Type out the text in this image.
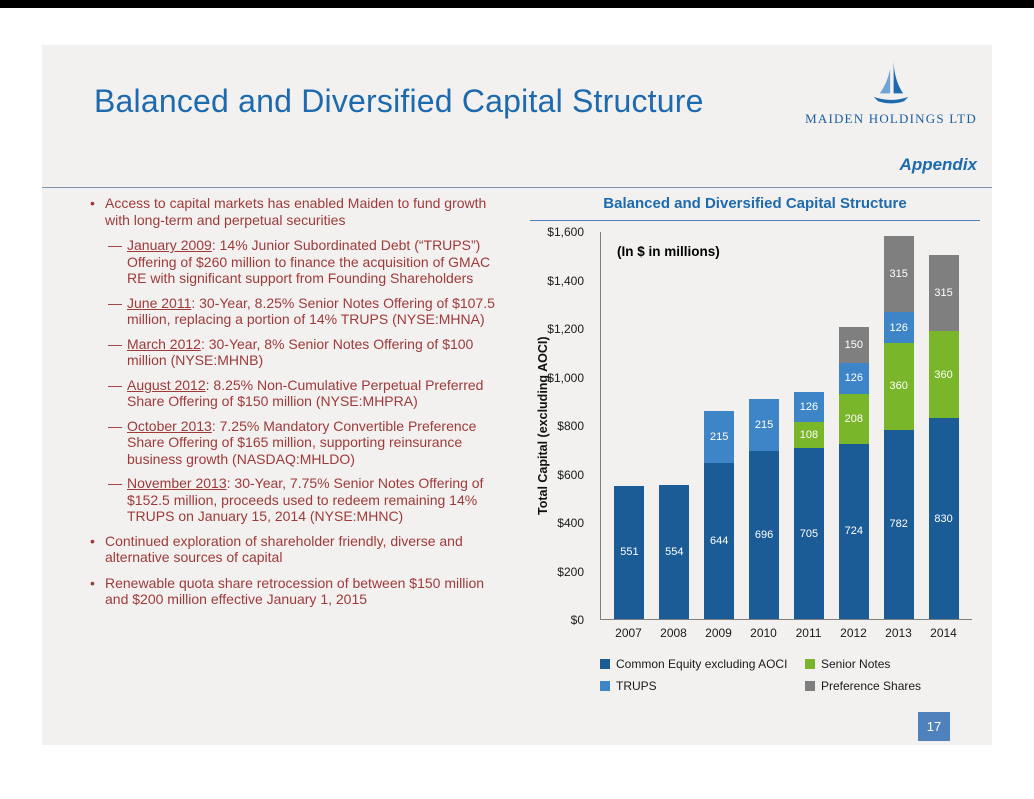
Balanced and Diversified Capital Structure	MAIDEN HOLDINGS LTD
Appendix
• Access to capital markets has enabled Maiden to fund growth with long-term and perpetual securities
— January 2009: 14% Junior Subordinated Debt (“TRUPS”) Offering of $260 million to finance the acquisition of GMAC RE with significant support from Founding Shareholders
— June 2011: 30-Year, 8.25% Senior Notes Offering of $107.5 million, replacing a portion of 14% TRUPS (NYSE:MHNA)
— March 2012: 30-Year, 8% Senior Notes Offering of $100 million (NYSE:MHNB)
— August 2012: 8.25% Non-Cumulative Perpetual Preferred Share Offering of $150 million (NYSE:MHPRA)
— October 2013: 7.25% Mandatory Convertible Preference Share Offering of $165 million, supporting reinsurance business growth (NASDAQ:MHLDO)
— November 2013: 30-Year, 7.75% Senior Notes Offering of $152.5 million, proceeds used to redeem remaining 14% TRUPS on January 15, 2014 (NYSE:MHNC)
• Continued exploration of shareholder friendly, diverse and alternative sources of capital
• Renewable quota share retrocession of between $150 million and $200 million effective January 1, 2015
Balanced and Diversified Capital Structure
Total Capital (excluding AOCI)
$0
$200
$400
$600
$800
$1,000
$1,200
$1,400
$1,600
(In $ in millions)
551 554
644
215
696
215
705
108
126
724
208
126
150
782
360
126
315
830
360
315
2007	2008	2009	2010	2011	2012	2013	2014
Common Equity excluding AOCI	Senior Notes
TRUPS	Preference Shares
17
